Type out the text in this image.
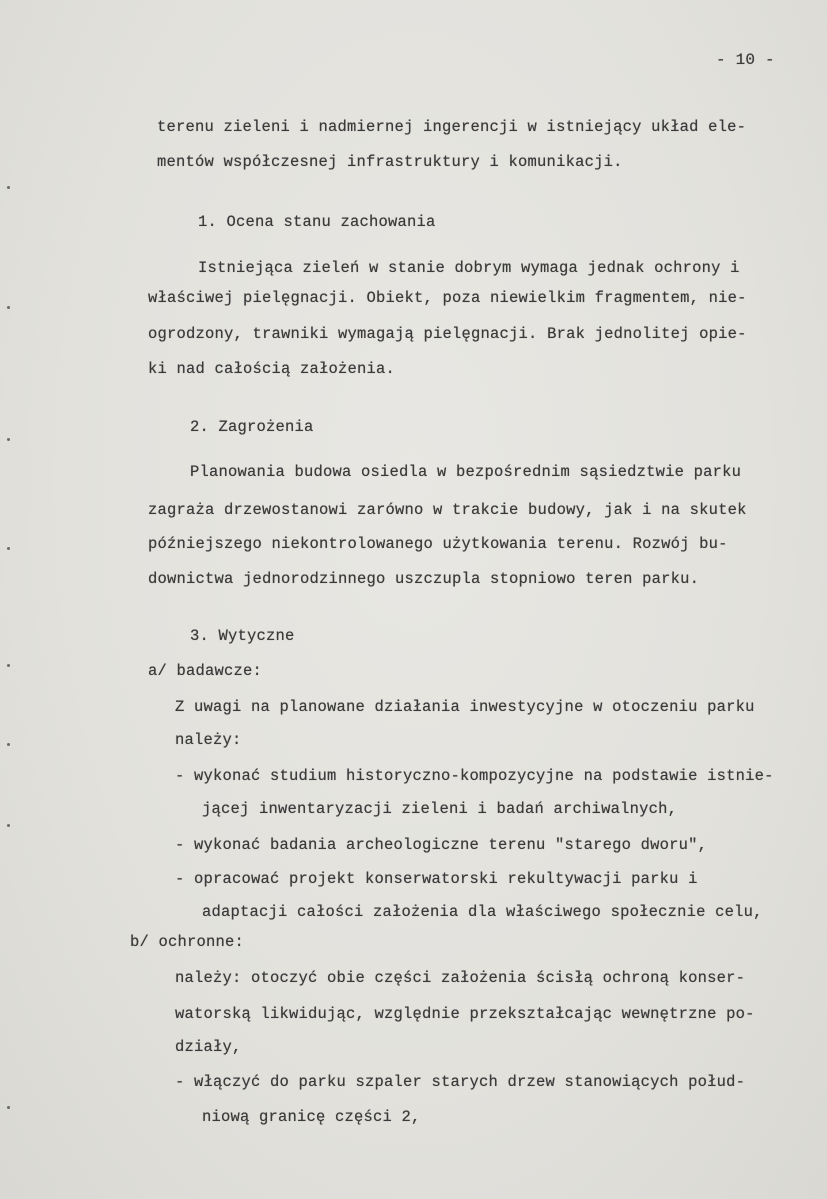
- 10 -
terenu zieleni i nadmiernej ingerencji w istniejący układ ele-
mentów współczesnej infrastruktury i komunikacji.
1. Ocena stanu zachowania
Istniejąca zieleń w stanie dobrym wymaga jednak ochrony i
właściwej pielęgnacji. Obiekt, poza niewielkim fragmentem, nie-
ogrodzony, trawniki wymagają pielęgnacji. Brak jednolitej opie-
ki nad całością założenia.
2. Zagrożenia
Planowania budowa osiedla w bezpośrednim sąsiedztwie parku
zagraża drzewostanowi zarówno w trakcie budowy, jak i na skutek
późniejszego niekontrolowanego użytkowania terenu. Rozwój bu-
downictwa jednorodzinnego uszczupla stopniowo teren parku.
3. Wytyczne
a/ badawcze:
Z uwagi na planowane działania inwestycyjne w otoczeniu parku
należy:
- wykonać studium historyczno-kompozycyjne na podstawie istnie-
jącej inwentaryzacji zieleni i badań archiwalnych,
- wykonać badania archeologiczne terenu "starego dworu",
- opracować projekt konserwatorski rekultywacji parku i
adaptacji całości założenia dla właściwego społecznie celu,
b/ ochronne:
należy: otoczyć obie części założenia ścisłą ochroną konser-
watorską likwidując, względnie przekształcając wewnętrzne po-
działy,
- włączyć do parku szpaler starych drzew stanowiących połud-
niową granicę części 2,
